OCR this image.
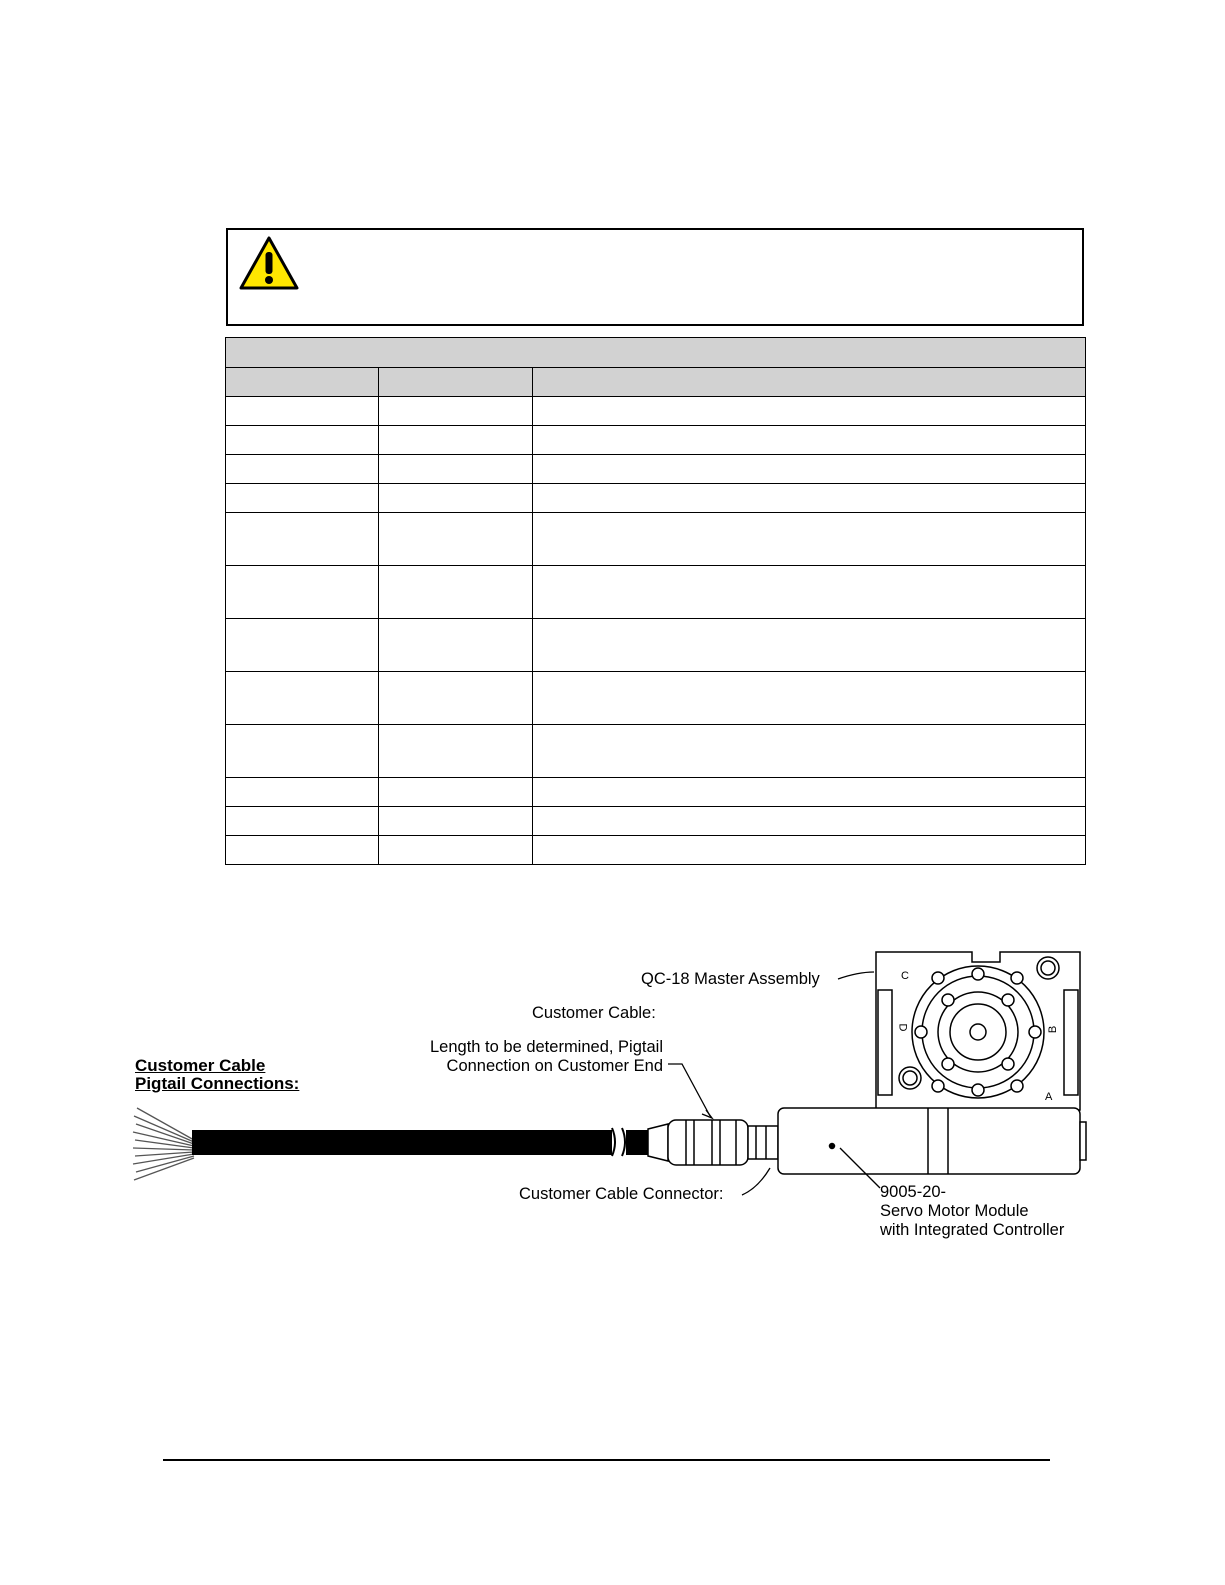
C
D	B
A
Customer Cable
Pigtail Connections:
QC-18 Master Assembly
Customer Cable:
Length to be determined, Pigtail
Connection on Customer End
Customer Cable Connector:	9005-20-
Servo Motor Module
with Integrated Controller
